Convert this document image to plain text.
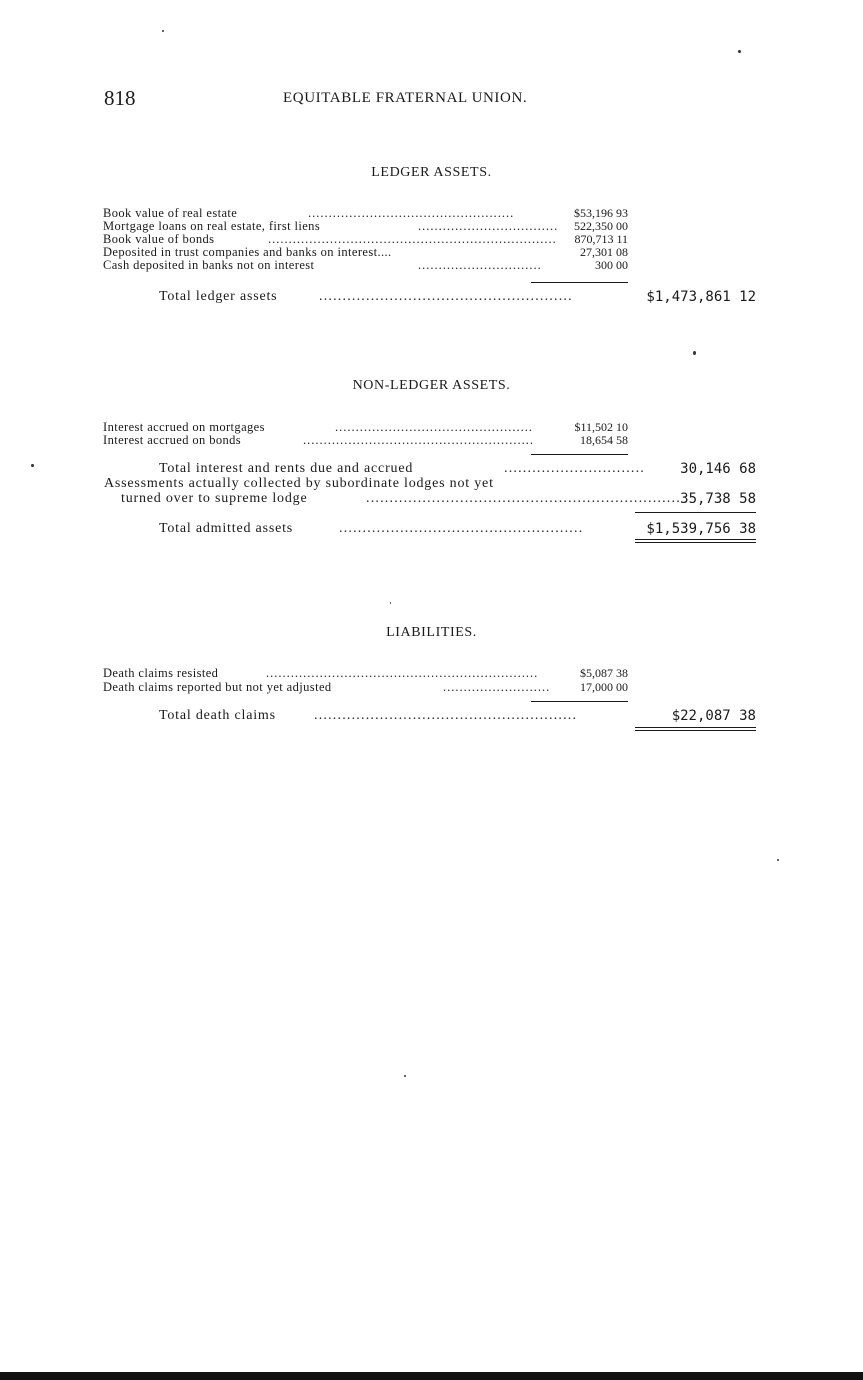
818	EQUITABLE FRATERNAL UNION.
LEDGER ASSETS.
Book value of real estate	..................................................	$53,196 93
Mortgage loans on real estate, first liens	.................................. 522,350 00
Book value of bonds	...................................................................... 870,713 11
Deposited in trust companies and banks on interest....	27,301 08
Cash deposited in banks not on interest	..............................	300 00
Total ledger assets	......................................................	$1,473,861 12
NON-LEDGER ASSETS.
Interest accrued on mortgages	................................................	$11,502 10
Interest accrued on bonds	........................................................	18,654 58
Total interest and rents due and accrued	..............................	30,146 68
Assessments actually collected by subordinate lodges not yet
turned over to supreme lodge	................................................................... 35,738 58
Total admitted assets	....................................................	$1,539,756 38
LIABILITIES.
Death claims resisted	..................................................................	$5,087 38
Death claims reported but not yet adjusted	.......................... 17,000 00
Total death claims	........................................................	$22,087 38
